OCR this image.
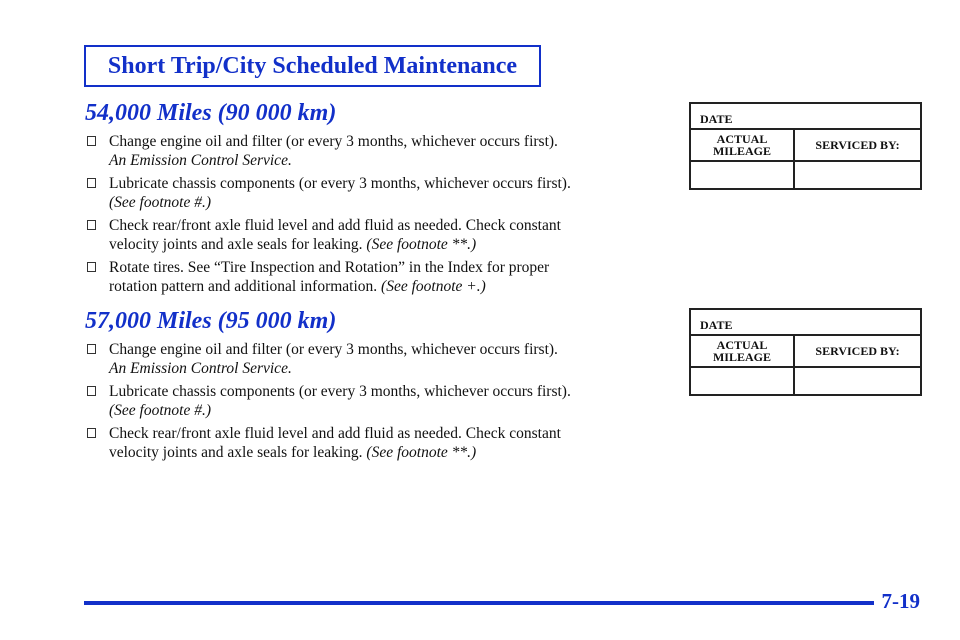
Short Trip/City Scheduled Maintenance
54,000 Miles (90 000 km)
Change engine oil and filter (or every 3 months, whichever occurs first).
An Emission Control Service.
Lubricate chassis components (or every 3 months, whichever occurs first).
(See footnote #.)
Check rear/front axle fluid level and add fluid as needed. Check constant
velocity joints and axle seals for leaking. (See footnote **.)
Rotate tires. See “Tire Inspection and Rotation” in the Index for proper
rotation pattern and additional information. (See footnote +.)
DATE
ACTUAL
MILEAGE	SERVICED BY:
57,000 Miles (95 000 km)
Change engine oil and filter (or every 3 months, whichever occurs first).
An Emission Control Service.
Lubricate chassis components (or every 3 months, whichever occurs first).
(See footnote #.)
Check rear/front axle fluid level and add fluid as needed. Check constant
velocity joints and axle seals for leaking. (See footnote **.)
DATE
ACTUAL
MILEAGE	SERVICED BY:
7-19
